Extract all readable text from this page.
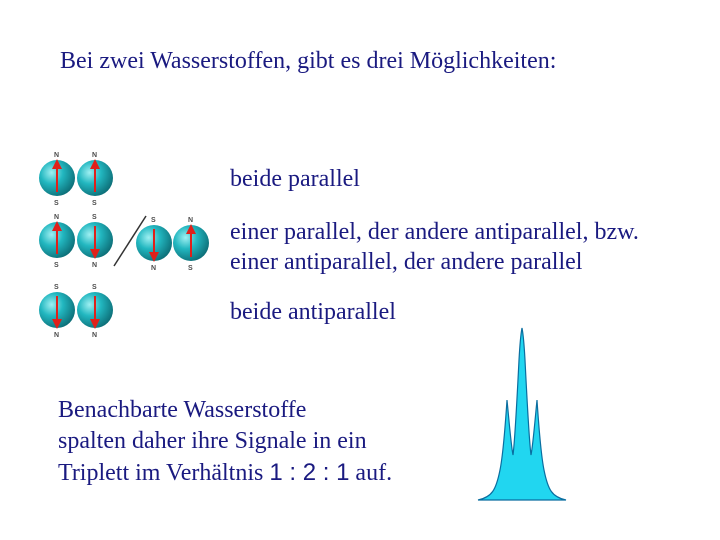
Bei zwei Wasserstoffen, gibt es drei Möglichkeiten:
N
S
N
S
N
S
S
N
S
N
N
S
S
N
S
N
beide parallel
einer parallel, der andere antiparallel, bzw.
einer antiparallel, der andere parallel
beide antiparallel
Benachbarte Wasserstoffe
spalten daher ihre Signale in ein
Triplett im Verhältnis 1 : 2 : 1 auf.
